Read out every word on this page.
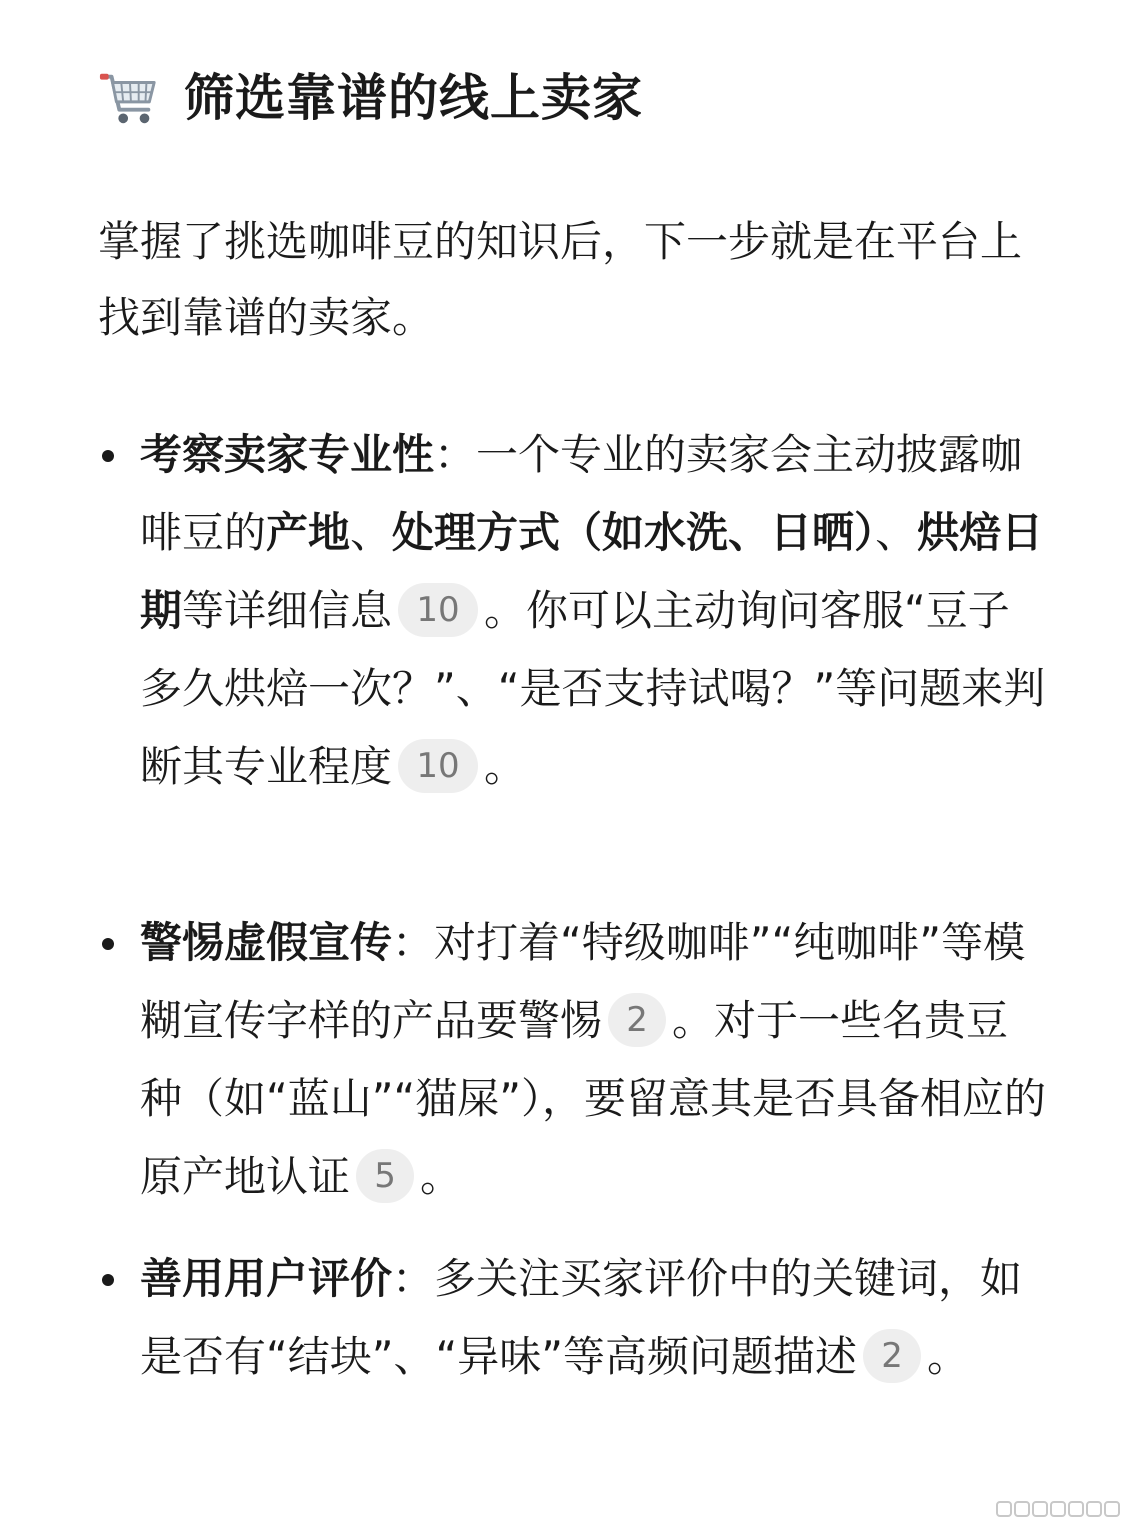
筛选靠谱的线上卖家

掌握了挑选咖啡豆的知识后，下一步就是在平台上找到靠谱的卖家。

考察卖家专业性：一个专业的卖家会主动披露咖啡豆的产地、处理方式（如水洗、日晒）、烘焙日期等详细信息 10 。你可以主动询问客服“豆子多久烘焙一次？”、“是否支持试喝？”等问题来判断其专业程度 10 。
警惕虚假宣传：对打着“特级咖啡”“纯咖啡”等模糊宣传字样的产品要警惕 2 。对于一些名贵豆种（如“蓝山”“猫屎”），要留意其是否具备相应的原产地认证 5 。
善用用户评价：多关注买家评价中的关键词，如是否有“结块”、“异味”等高频问题描述 2 。
